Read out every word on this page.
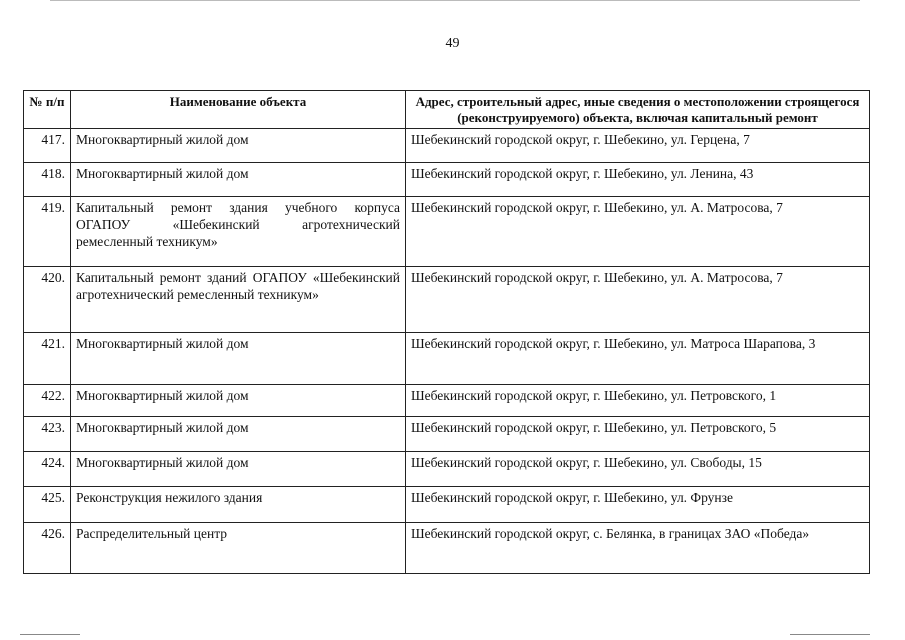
49
№ п/п	Наименование объекта	Адрес, строительный адрес, иные сведения о местоположении строящегося (реконструируемого) объекта, включая капитальный ремонт
417.	Многоквартирный жилой дом	Шебекинский городской округ, г. Шебекино, ул. Герцена, 7
418.	Многоквартирный жилой дом	Шебекинский городской округ, г. Шебекино, ул. Ленина, 43
419.	Капитальный ремонт здания учебного корпуса ОГАПОУ «Шебекинский агротехнический ремесленный техникум»	Шебекинский городской округ, г. Шебекино, ул. А. Матросова, 7
420.	Капитальный ремонт зданий ОГАПОУ «Шебекинский агротехнический ремесленный техникум»	Шебекинский городской округ, г. Шебекино, ул. А. Матросова, 7
421.	Многоквартирный жилой дом	Шебекинский городской округ, г. Шебекино, ул. Матроса Шарапова, 3
422.	Многоквартирный жилой дом	Шебекинский городской округ, г. Шебекино, ул. Петровского, 1
423.	Многоквартирный жилой дом	Шебекинский городской округ, г. Шебекино, ул. Петровского, 5
424.	Многоквартирный жилой дом	Шебекинский городской округ, г. Шебекино, ул. Свободы, 15
425.	Реконструкция нежилого здания	Шебекинский городской округ, г. Шебекино, ул. Фрунзе
426.	Распределительный центр	Шебекинский городской округ, с. Белянка, в границах ЗАО «Победа»
